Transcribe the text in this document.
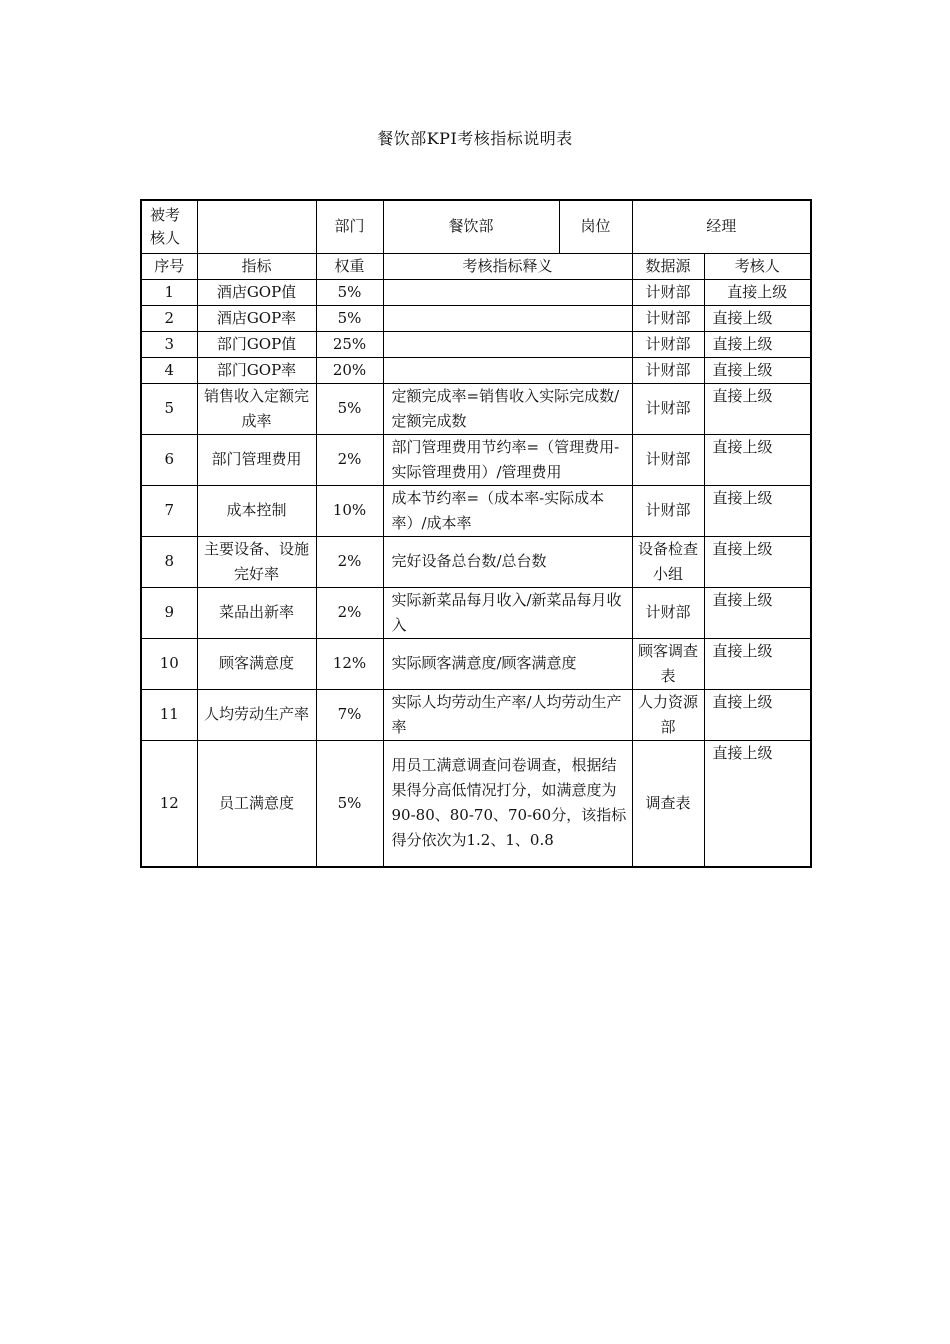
餐饮部KPI考核指标说明表
被考核人		部门	餐饮部	岗位	经理	
序号	指标	权重	考核指标释义		数据源	考核人
1	酒店GOP值	5%			计财部	直接上级
2	酒店GOP率	5%			计财部	直接上级
3	部门GOP值	25%			计财部	直接上级
4	部门GOP率	20%			计财部	直接上级
5	销售收入定额完成率	5%	定额完成率=销售收入实际完成数/定额完成数		计财部	直接上级
6	部门管理费用	2%	部门管理费用节约率=（管理费用-实际管理费用）/管理费用		计财部	直接上级
7	成本控制	10%	成本节约率=（成本率-实际成本率）/成本率		计财部	直接上级
8	主要设备、设施完好率	2%	完好设备总台数/总台数		设备检查小组	直接上级
9	菜品出新率	2%	实际新菜品每月收入/新菜品每月收入		计财部	直接上级
10	顾客满意度	12%	实际顾客满意度/顾客满意度		顾客调查表	直接上级
11	人均劳动生产率	7%	实际人均劳动生产率/人均劳动生产率		人力资源部	直接上级
12	员工满意度	5%	用员工满意调查问卷调查，根据结果得分高低情况打分，如满意度为90-80、80-70、70-60分，该指标得分依次为1.2、1、0.8		调查表	直接上级
